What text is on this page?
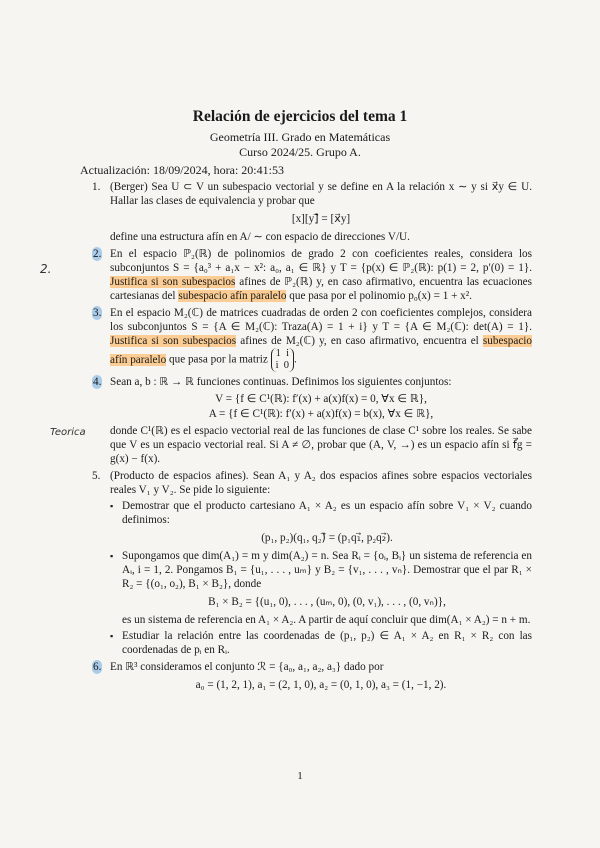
Relación de ejercicios del tema 1
Geometría III. Grado en Matemáticas
Curso 2024/25. Grupo A.
Actualización: 18/09/2024, hora: 20:41:53
2.
Teorica
1. (Berger) Sea U ⊂ V un subespacio vectorial y se define en A la relación x ∼ y si x⃗y ∈ U. Hallar las clases de equivalencia y probar que
[x][y]⃗ = [x⃗y]
define una estructura afín en A/ ∼ con espacio de direcciones V/U.
2. En el espacio ℙ₂(ℝ) de polinomios de grado 2 con coeficientes reales, considera los subconjuntos S = {a₀³ + a₁x − x²: a₀, a₁ ∈ ℝ} y T = {p(x) ∈ ℙ₂(ℝ): p(1) = 2, p′(0) = 1}. Justifica si son subespacios afines de ℙ₂(ℝ) y, en caso afirmativo, encuentra las ecuaciones cartesianas del subespacio afín paralelo que pasa por el polinomio p₀(x) = 1 + x².
3. En el espacio M₂(ℂ) de matrices cuadradas de orden 2 con coeficientes complejos, considera los subconjuntos S = {A ∈ M₂(ℂ): Traza(A) = 1 + i} y T = {A ∈ M₂(ℂ): det(A) = 1}. Justifica si son subespacios afines de M₂(ℂ) y, en caso afirmativo, encuentra el subespacio afín paralelo que pasa por la matriz 1 i
i 0 .
4. Sean a, b : ℝ → ℝ funciones continuas. Definimos los siguientes conjuntos:
V = {f ∈ C¹(ℝ): f′(x) + a(x)f(x) = 0, ∀x ∈ ℝ},
A = {f ∈ C¹(ℝ): f′(x) + a(x)f(x) = b(x), ∀x ∈ ℝ},
donde C¹(ℝ) es el espacio vectorial real de las funciones de clase C¹ sobre los reales. Se sabe que V es un espacio vectorial real. Si A ≠ ∅, probar que (A, V, →) es un espacio afín si f⃗g = g(x) − f(x).
5. (Producto de espacios afines). Sean A₁ y A₂ dos espacios afines sobre espacios vectoriales reales V₁ y V₂. Se pide lo siguiente:
▪ Demostrar que el producto cartesiano A₁ × A₂ es un espacio afín sobre V₁ × V₂ cuando definimos:
(p₁, p₂)(q₁, q₂)⃗ = (p₁q₁⃗, p₂q₂⃗).
▪ Supongamos que dim(A₁) = m y dim(A₂) = n. Sea Rᵢ = {oᵢ, Bᵢ} un sistema de referencia en Aᵢ, i = 1, 2. Pongamos B₁ = {u₁, . . . , uₘ} y B₂ = {v₁, . . . , vₙ}. Demostrar que el par R₁ × R₂ = {(o₁, o₂), B₁ × B₂}, donde
B₁ × B₂ = {(u₁, 0), . . . , (uₘ, 0), (0, v₁), . . . , (0, vₙ)},
es un sistema de referencia en A₁ × A₂. A partir de aquí concluir que dim(A₁ × A₂) = n + m.
▪ Estudiar la relación entre las coordenadas de (p₁, p₂) ∈ A₁ × A₂ en R₁ × R₂ con las coordenadas de pᵢ en Rᵢ.
6. En ℝ³ consideramos el conjunto ℛ = {a₀, a₁, a₂, a₃} dado por
a₀ = (1, 2, 1), a₁ = (2, 1, 0), a₂ = (0, 1, 0), a₃ = (1, −1, 2).
1
